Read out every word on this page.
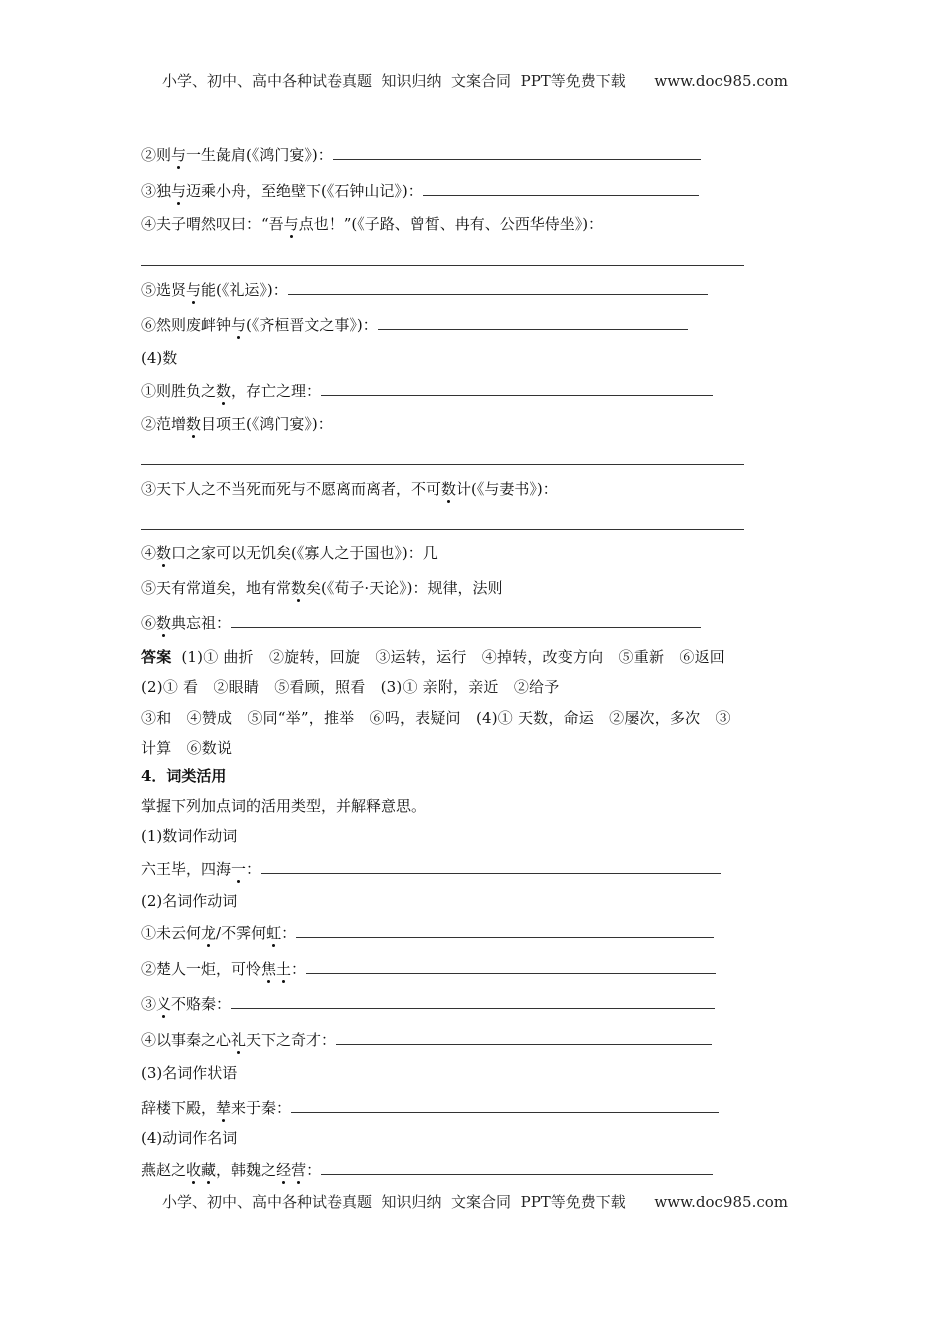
小学、初中、高中各种试卷真题  知识归纳  文案合同  PPT等免费下载      www.doc985.com
②则与一生彘肩(《鸿门宴》)：
③独与迈乘小舟，至绝壁下(《石钟山记》)：
④夫子喟然叹曰：“吾与点也！”(《子路、曾皙、冉有、公西华侍坐》)：
⑤选贤与能(《礼运》)：
⑥然则废衅钟与(《齐桓晋文之事》)：
(4)数
①则胜负之数，存亡之理：
②范增数目项王(《鸿门宴》)：
③天下人之不当死而死与不愿离而离者，不可数计(《与妻书》)：
④数口之家可以无饥矣(《寡人之于国也》)：几
⑤天有常道矣，地有常数矣(《荀子·天论》)：规律，法则
⑥数典忘祖：
答案 (1)① 曲折　②旋转，回旋　③运转，运行　④掉转，改变方向　⑤重新　⑥返回
(2)① 看　②眼睛　⑤看顾，照看　(3)① 亲附，亲近　②给予
③和　④赞成　⑤同“举”，推举　⑥吗，表疑问　(4)① 天数，命运　②屡次，多次　③
计算　⑥数说
4．词类活用
掌握下列加点词的活用类型，并解释意思。
(1)数词作动词
六王毕，四海一：
(2)名词作动词
①未云何龙/不霁何虹：
②楚人一炬，可怜焦土：
③义不赂秦：
④以事秦之心礼天下之奇才：
(3)名词作状语
辞楼下殿，辇来于秦：
(4)动词作名词
燕赵之收藏，韩魏之经营：
小学、初中、高中各种试卷真题  知识归纳  文案合同  PPT等免费下载      www.doc985.com
